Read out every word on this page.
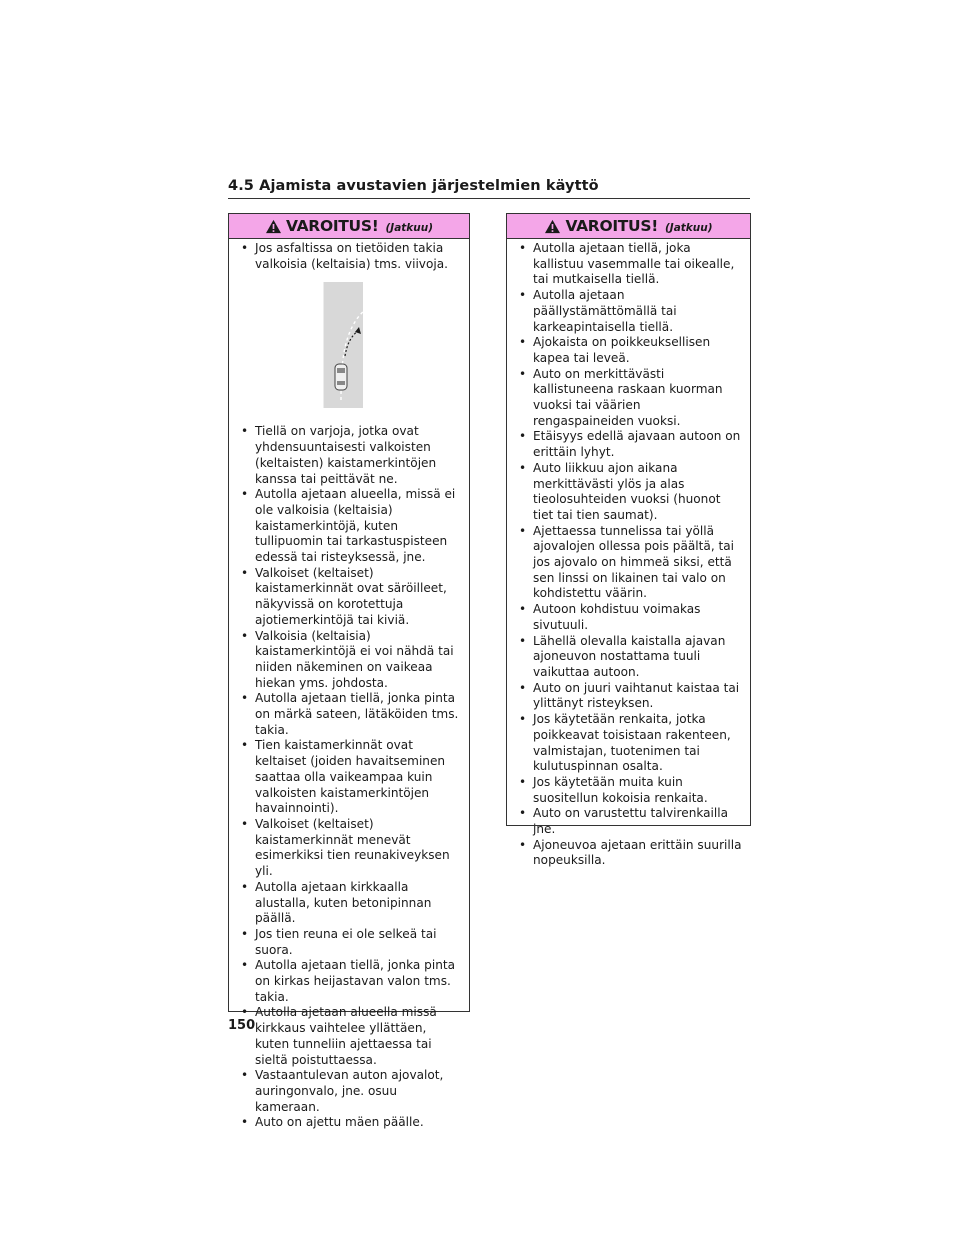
4.5 Ajamista avustavien järjestelmien käyttö
VAROITUS! (Jatkuu)
• Jos asfaltissa on tietöiden takia valkoisia (keltaisia) tms. viivoja.
• Tiellä on varjoja, jotka ovat yhdensuuntaisesti valkoisten (keltaisten) kaistamerkintöjen kanssa tai peittävät ne.
• Autolla ajetaan alueella, missä ei ole valkoisia (keltaisia) kaistamerkintöjä, kuten tullipuomin tai tarkastuspisteen edessä tai risteyksessä, jne.
• Valkoiset (keltaiset) kaistamerkinnät ovat säröilleet, näkyvissä on korotettuja ajotiemerkintöjä tai kiviä.
• Valkoisia (keltaisia) kaistamerkintöjä ei voi nähdä tai niiden näkeminen on vaikeaa hiekan yms. johdosta.
• Autolla ajetaan tiellä, jonka pinta on märkä sateen, lätäköiden tms. takia.
• Tien kaistamerkinnät ovat keltaiset (joiden havaitseminen saattaa olla vaikeampaa kuin valkoisten kaistamerkintöjen havainnointi).
• Valkoiset (keltaiset) kaistamerkinnät menevät esimerkiksi tien reunakiveyksen yli.
• Autolla ajetaan kirkkaalla alustalla, kuten betonipinnan päällä.
• Jos tien reuna ei ole selkeä tai suora.
• Autolla ajetaan tiellä, jonka pinta on kirkas heijastavan valon tms. takia.
• Autolla ajetaan alueella missä kirkkaus vaihtelee yllättäen, kuten tunneliin ajettaessa tai sieltä poistuttaessa.
• Vastaantulevan auton ajovalot, auringonvalo, jne. osuu kameraan.
• Auto on ajettu mäen päälle.
VAROITUS! (Jatkuu)
• Autolla ajetaan tiellä, joka kallistuu vasemmalle tai oikealle, tai mutkaisella tiellä.
• Autolla ajetaan päällystämättömällä tai karkeapintaisella tiellä.
• Ajokaista on poikkeuksellisen kapea tai leveä.
• Auto on merkittävästi kallistuneena raskaan kuorman vuoksi tai väärien rengaspaineiden vuoksi.
• Etäisyys edellä ajavaan autoon on erittäin lyhyt.
• Auto liikkuu ajon aikana merkittävästi ylös ja alas tieolosuhteiden vuoksi (huonot tiet tai tien saumat).
• Ajettaessa tunnelissa tai yöllä ajovalojen ollessa pois päältä, tai jos ajovalo on himmeä siksi, että sen linssi on likainen tai valo on kohdistettu väärin.
• Autoon kohdistuu voimakas sivutuuli.
• Lähellä olevalla kaistalla ajavan ajoneuvon nostattama tuuli vaikuttaa autoon.
• Auto on juuri vaihtanut kaistaa tai ylittänyt risteyksen.
• Jos käytetään renkaita, jotka poikkeavat toisistaan rakenteen, valmistajan, tuotenimen tai kulutuspinnan osalta.
• Jos käytetään muita kuin suositellun kokoisia renkaita.
• Auto on varustettu talvirenkailla jne.
• Ajoneuvoa ajetaan erittäin suurilla nopeuksilla.
150
